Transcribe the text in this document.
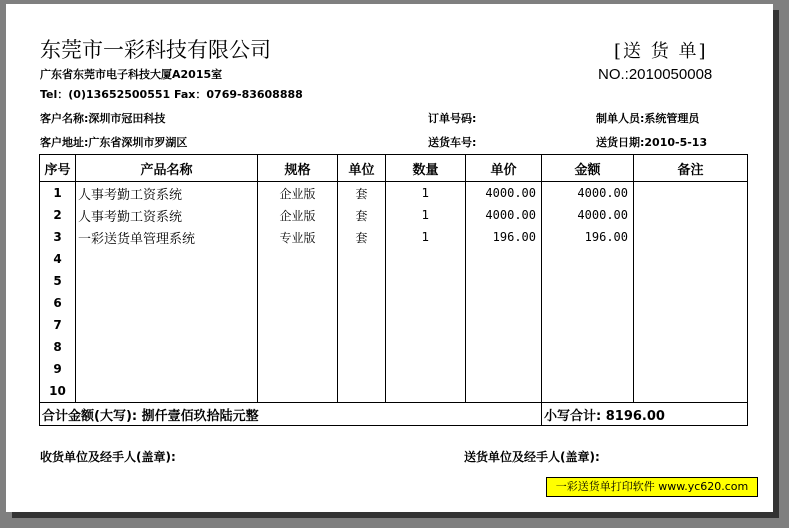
东莞市一彩科技有限公司
广东省东莞市电子科技大厦A2015室
Tel：(0)13652500551 Fax：0769-83608888
[送 货 单]
NO.:2010050008
客户名称:深圳市冠田科技	订单号码:	制单人员:系统管理员
客户地址:广东省深圳市罗湖区	送货车号:	送货日期:2010-5-13
序号	产品名称	规格	单位	数量	单价	金额	备注
1	人事考勤工资系统	企业版	套	1	4000.00	4000.00	
2	人事考勤工资系统	企业版	套	1	4000.00	4000.00	
3	一彩送货单管理系统	专业版	套	1	196.00	196.00	
4							
5							
6							
7							
8							
9							
10							
合计金额(大写): 捌仟壹佰玖拾陆元整						小写合计: 8196.00	
收货单位及经手人(盖章):	送货单位及经手人(盖章):
一彩送货单打印软件 www.yc620.com
